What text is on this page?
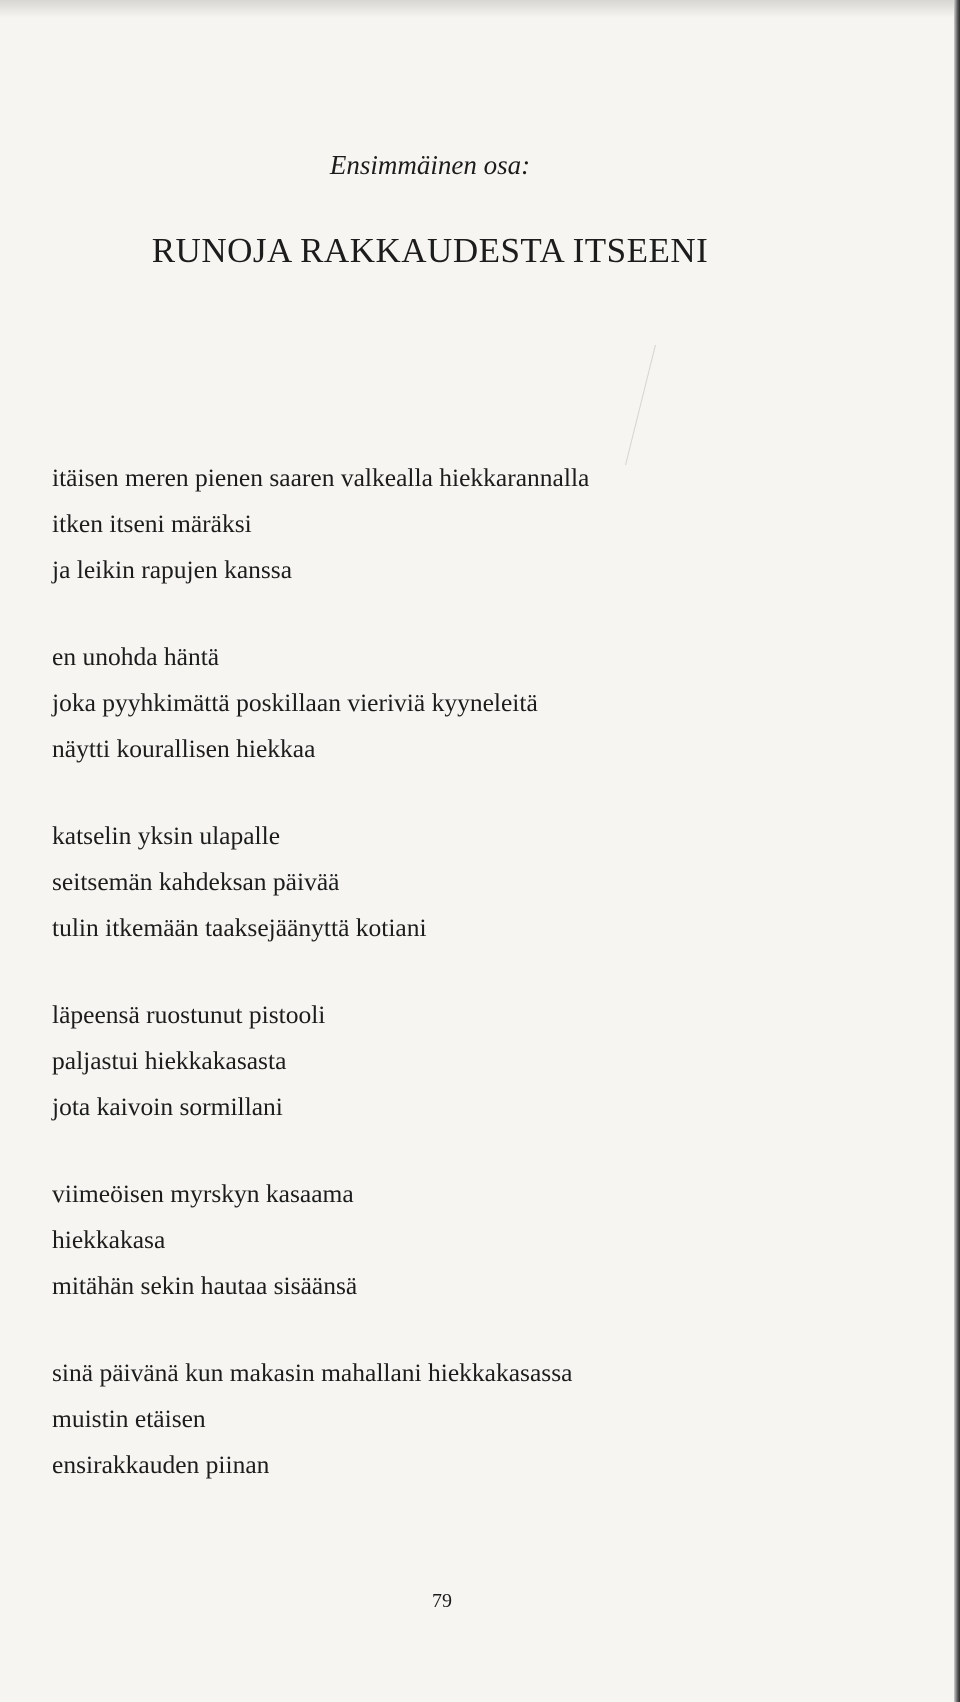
Ensimmäinen osa:
RUNOJA RAKKAUDESTA ITSEENI
itäisen meren pienen saaren valkealla hiekkarannalla
itken itseni märäksi
ja leikin rapujen kanssa
en unohda häntä
joka pyyhkimättä poskillaan vieriviä kyyneleitä
näytti kourallisen hiekkaa
katselin yksin ulapalle
seitsemän kahdeksan päivää
tulin itkemään taaksejäänyttä kotiani
läpeensä ruostunut pistooli
paljastui hiekkakasasta
jota kaivoin sormillani
viimeöisen myrskyn kasaama
hiekkakasa
mitähän sekin hautaa sisäänsä
sinä päivänä kun makasin mahallani hiekkakasassa
muistin etäisen
ensirakkauden piinan
79
